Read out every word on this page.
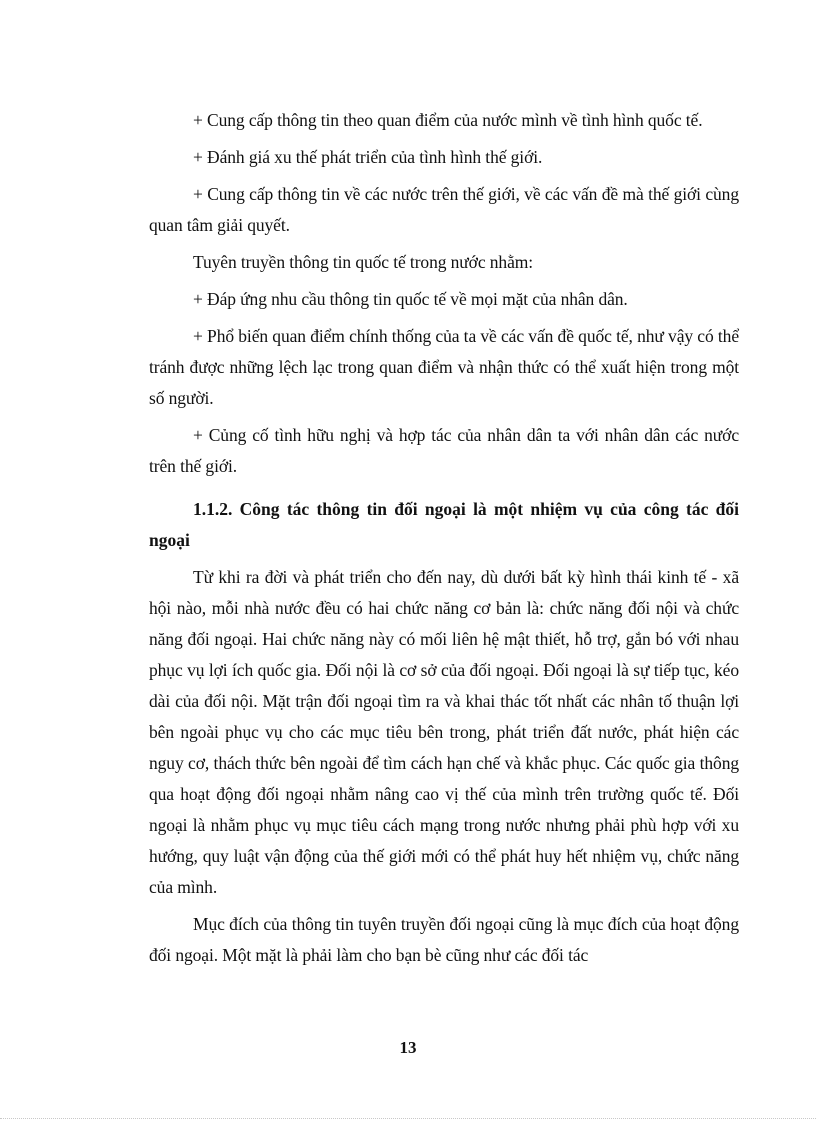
+ Cung cấp thông tin theo quan điểm của nước mình về tình hình quốc tế.

+ Đánh giá xu thế phát triển của tình hình thế giới.

+ Cung cấp thông tin về các nước trên thế giới, về các vấn đề mà thế giới cùng quan tâm giải quyết.

Tuyên truyền thông tin quốc tế trong nước nhằm:

+ Đáp ứng nhu cầu thông tin quốc tế về mọi mặt của nhân dân.

+ Phổ biến quan điểm chính thống của ta về các vấn đề quốc tế, như vậy có thể tránh được những lệch lạc trong quan điểm và nhận thức có thể xuất hiện trong một số người.

+ Củng cố tình hữu nghị và hợp tác của nhân dân ta với nhân dân các nước trên thế giới.

1.1.2. Công tác thông tin đối ngoại là một nhiệm vụ của công tác đối ngoại

Từ khi ra đời và phát triển cho đến nay, dù dưới bất kỳ hình thái kinh tế - xã hội nào, mỗi nhà nước đều có hai chức năng cơ bản là: chức năng đối nội và chức năng đối ngoại. Hai chức năng này có mối liên hệ mật thiết, hỗ trợ, gắn bó với nhau phục vụ lợi ích quốc gia. Đối nội là cơ sở của đối ngoại. Đối ngoại là sự tiếp tục, kéo dài của đối nội. Mặt trận đối ngoại tìm ra và khai thác tốt nhất các nhân tố thuận lợi bên ngoài phục vụ cho các mục tiêu bên trong, phát triển đất nước, phát hiện các nguy cơ, thách thức bên ngoài để tìm cách hạn chế và khắc phục. Các quốc gia thông qua hoạt động đối ngoại nhằm nâng cao vị thế của mình trên trường quốc tế. Đối ngoại là nhằm phục vụ mục tiêu cách mạng trong nước nhưng phải phù hợp với xu hướng, quy luật vận động của thế giới mới có thể phát huy hết nhiệm vụ, chức năng của mình.

Mục đích của thông tin tuyên truyền đối ngoại cũng là mục đích của hoạt động đối ngoại. Một mặt là phải làm cho bạn bè cũng như các đối tác

13
